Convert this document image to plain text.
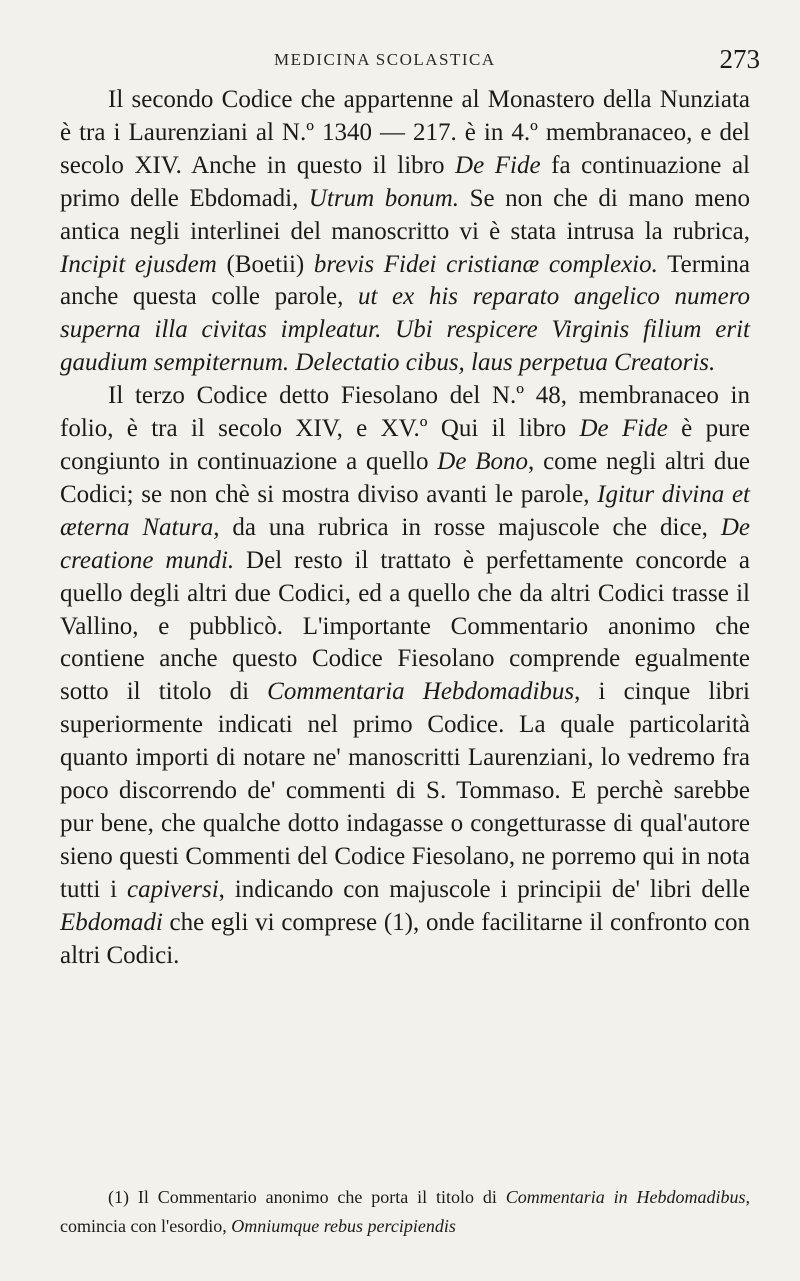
MEDICINA SCOLASTICA	273

Il secondo Codice che appartenne al Monastero della Nunziata è tra i Laurenziani al N.º 1340 — 217. è in 4.º membranaceo, e del secolo XIV. Anche in questo il libro De Fide fa continuazione al primo delle Ebdomadi, Utrum bonum. Se non che di mano meno antica negli interlinei del manoscritto vi è stata intrusa la rubrica, Incipit ejusdem (Boetii) brevis Fidei cristianæ complexio. Termina anche questa colle parole, ut ex his reparato angelico numero superna illa civitas impleatur. Ubi respicere Virginis filium erit gaudium sempiternum. Delectatio cibus, laus perpetua Creatoris.

Il terzo Codice detto Fiesolano del N.º 48, membranaceo in folio, è tra il secolo XIV, e XV.º Qui il libro De Fide è pure congiunto in continuazione a quello De Bono, come negli altri due Codici; se non chè si mostra diviso avanti le parole, Igitur divina et æterna Natura, da una rubrica in rosse majuscole che dice, De creatione mundi. Del resto il trattato è perfettamente concorde a quello degli altri due Codici, ed a quello che da altri Codici trasse il Vallino, e pubblicò. L'importante Commentario anonimo che contiene anche questo Codice Fiesolano comprende egualmente sotto il titolo di Commentaria Hebdomadibus, i cinque libri superiormente indicati nel primo Codice. La quale particolarità quanto importi di notare ne' manoscritti Laurenziani, lo vedremo fra poco discorrendo de' commenti di S. Tommaso. E perchè sarebbe pur bene, che qualche dotto indagasse o congetturasse di qual'autore sieno questi Commenti del Codice Fiesolano, ne porremo qui in nota tutti i capiversi, indicando con majuscole i principii de' libri delle Ebdomadi che egli vi comprese (1), onde facilitarne il confronto con altri Codici.

(1) Il Commentario anonimo che porta il titolo di Commentaria in Hebdomadibus, comincia con l'esordio, Omniumque rebus percipiendis
